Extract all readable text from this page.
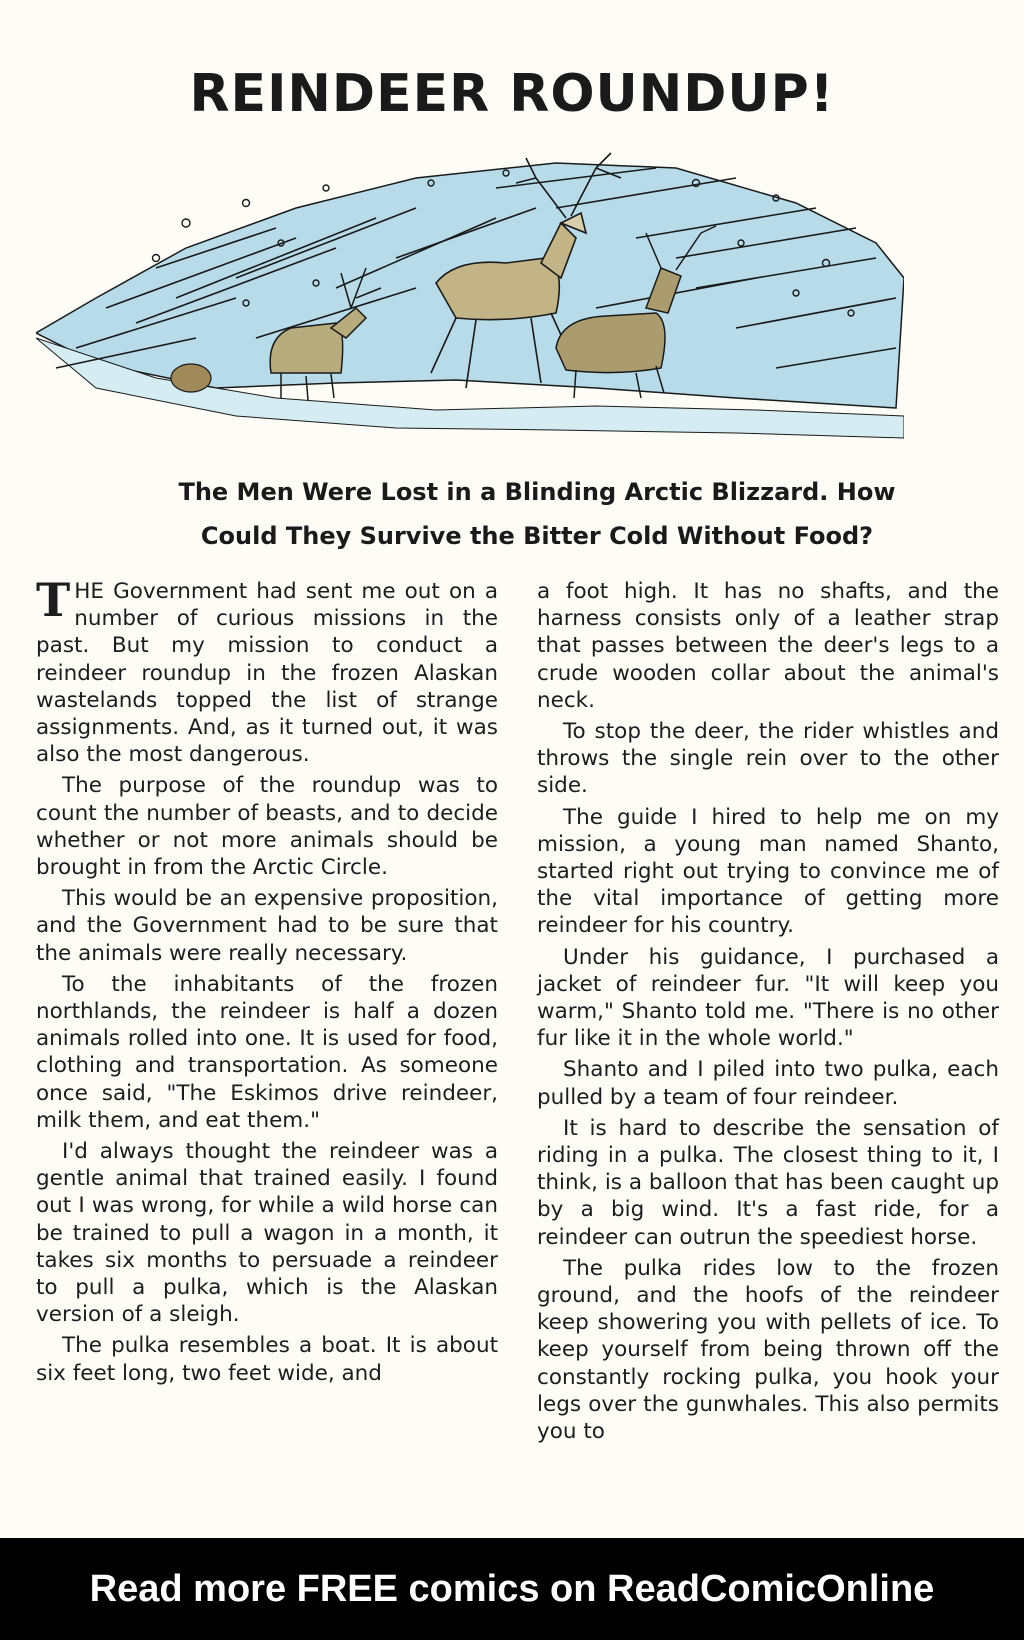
REINDEER ROUNDUP!
The Men Were Lost in a Blinding Arctic Blizzard. How
Could They Survive the Bitter Cold Without Food?

THE Government had sent me out on a number of curious missions in the past. But my mission to conduct a reindeer roundup in the frozen Alaskan wastelands topped the list of strange assignments. And, as it turned out, it was also the most dangerous.

The purpose of the roundup was to count the number of beasts, and to decide whether or not more animals should be brought in from the Arctic Circle.

This would be an expensive proposition, and the Government had to be sure that the animals were really necessary.

To the inhabitants of the frozen northlands, the reindeer is half a dozen animals rolled into one. It is used for food, clothing and transportation. As someone once said, "The Eskimos drive reindeer, milk them, and eat them."

I'd always thought the reindeer was a gentle animal that trained easily. I found out I was wrong, for while a wild horse can be trained to pull a wagon in a month, it takes six months to persuade a reindeer to pull a pulka, which is the Alaskan version of a sleigh.

The pulka resembles a boat. It is about six feet long, two feet wide, and

a foot high. It has no shafts, and the harness consists only of a leather strap that passes between the deer's legs to a crude wooden collar about the animal's neck.

To stop the deer, the rider whistles and throws the single rein over to the other side.

The guide I hired to help me on my mission, a young man named Shanto, started right out trying to convince me of the vital importance of getting more reindeer for his country.

Under his guidance, I purchased a jacket of reindeer fur. "It will keep you warm," Shanto told me. "There is no other fur like it in the whole world."

Shanto and I piled into two pulka, each pulled by a team of four reindeer.

It is hard to describe the sensation of riding in a pulka. The closest thing to it, I think, is a balloon that has been caught up by a big wind. It's a fast ride, for a reindeer can outrun the speediest horse.

The pulka rides low to the frozen ground, and the hoofs of the reindeer keep showering you with pellets of ice. To keep yourself from being thrown off the constantly rocking pulka, you hook your legs over the gunwhales. This also permits you to

Read more FREE comics on ReadComicOnline
